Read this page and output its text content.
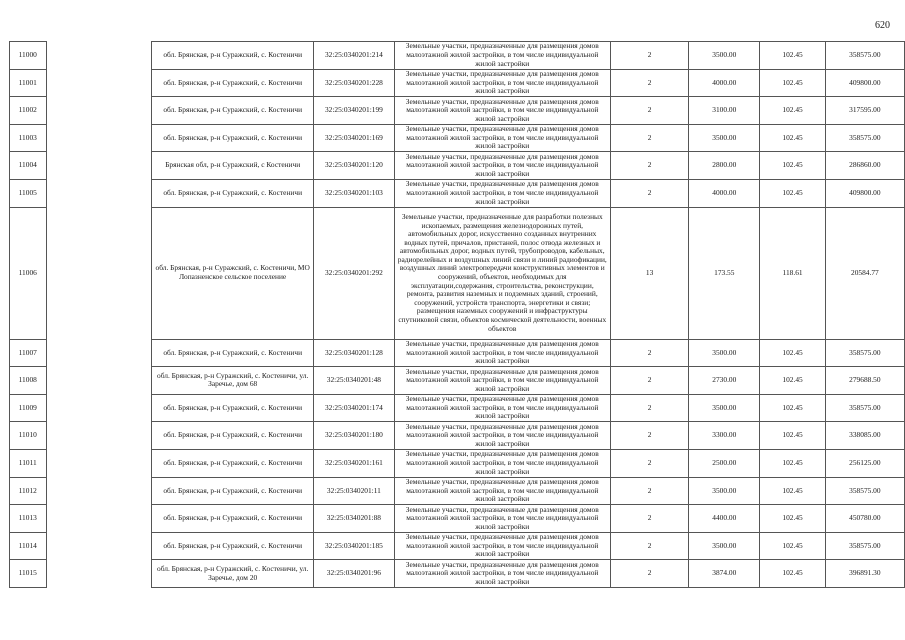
620
11000		обл. Брянская, р-н Суражский, с. Костеничи	32:25:0340201:214	Земельные участки, предназначенные для размещения домов малоэтажной жилой застройки, в том числе индивидуальной жилой застройки	2	3500.00	102.45	358575.00
11001		обл. Брянская, р-н Суражский, с. Костеничи	32:25:0340201:228	Земельные участки, предназначенные для размещения домов малоэтажной жилой застройки, в том числе индивидуальной жилой застройки	2	4000.00	102.45	409800.00
11002		обл. Брянская, р-н Суражский, с. Костеничи	32:25:0340201:199	Земельные участки, предназначенные для размещения домов малоэтажной жилой застройки, в том числе индивидуальной жилой застройки	2	3100.00	102.45	317595.00
11003		обл. Брянская, р-н Суражский, с. Костеничи	32:25:0340201:169	Земельные участки, предназначенные для размещения домов малоэтажной жилой застройки, в том числе индивидуальной жилой застройки	2	3500.00	102.45	358575.00
11004		Брянская обл, р-н Суражский, с Костеничи	32:25:0340201:120	Земельные участки, предназначенные для размещения домов малоэтажной жилой застройки, в том числе индивидуальной жилой застройки	2	2800.00	102.45	286860.00
11005		обл. Брянская, р-н Суражский, с. Костеничи	32:25:0340201:103	Земельные участки, предназначенные для размещения домов малоэтажной жилой застройки, в том числе индивидуальной жилой застройки	2	4000.00	102.45	409800.00
11006		обл. Брянская, р-н Суражский, с. Костеничи, МО Лопазненское сельское поселение	32:25:0340201:292	Земельные участки, предназначенные для разработки полезных ископаемых, размещения железнодорожных путей, автомобильных дорог, искусственно созданных внутренних водных путей, причалов, пристаней, полос отвода железных и автомобильных дорог, водных путей, трубопроводов, кабельных, радиорелейных и воздушных линий связи и линий радиофикации, воздушных линий электропередачи конструктивных элементов и сооружений, объектов, необходимых для эксплуатации,содержания, строительства, реконструкции, ремонта, развития наземных и подземных зданий, строений, сооружений, устройств транспорта, энергетики и связи; размещения наземных сооружений и инфраструктуры спутниковой связи, объектов космической деятельности, военных объектов	13	173.55	118.61	20584.77
11007		обл. Брянская, р-н Суражский, с. Костеничи	32:25:0340201:128	Земельные участки, предназначенные для размещения домов малоэтажной жилой застройки, в том числе индивидуальной жилой застройки	2	3500.00	102.45	358575.00
11008		обл. Брянская, р-н Суражский, с. Костеничи, ул. Заречье, дом 68	32:25:0340201:48	Земельные участки, предназначенные для размещения домов малоэтажной жилой застройки, в том числе индивидуальной жилой застройки	2	2730.00	102.45	279688.50
11009		обл. Брянская, р-н Суражский, с. Костеничи	32:25:0340201:174	Земельные участки, предназначенные для размещения домов малоэтажной жилой застройки, в том числе индивидуальной жилой застройки	2	3500.00	102.45	358575.00
11010		обл. Брянская, р-н Суражский, с. Костеничи	32:25:0340201:180	Земельные участки, предназначенные для размещения домов малоэтажной жилой застройки, в том числе индивидуальной жилой застройки	2	3300.00	102.45	338085.00
11011		обл. Брянская, р-н Суражский, с. Костеничи	32:25:0340201:161	Земельные участки, предназначенные для размещения домов малоэтажной жилой застройки, в том числе индивидуальной жилой застройки	2	2500.00	102.45	256125.00
11012		обл. Брянская, р-н Суражский, с. Костеничи	32:25:0340201:11	Земельные участки, предназначенные для размещения домов малоэтажной жилой застройки, в том числе индивидуальной жилой застройки	2	3500.00	102.45	358575.00
11013		обл. Брянская, р-н Суражский, с. Костеничи	32:25:0340201:88	Земельные участки, предназначенные для размещения домов малоэтажной жилой застройки, в том числе индивидуальной жилой застройки	2	4400.00	102.45	450780.00
11014		обл. Брянская, р-н Суражский, с. Костеничи	32:25:0340201:185	Земельные участки, предназначенные для размещения домов малоэтажной жилой застройки, в том числе индивидуальной жилой застройки	2	3500.00	102.45	358575.00
11015		обл. Брянская, р-н Суражский, с. Костеничи, ул. Заречье, дом 20	32:25:0340201:96	Земельные участки, предназначенные для размещения домов малоэтажной жилой застройки, в том числе индивидуальной жилой застройки	2	3874.00	102.45	396891.30
